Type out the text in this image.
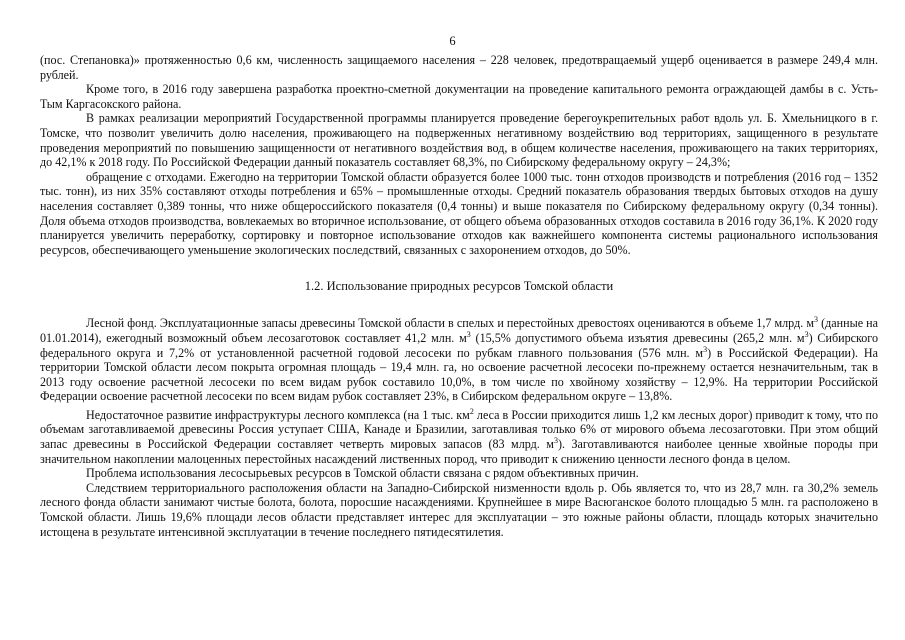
6

(пос. Степановка)» протяженностью 0,6 км, численность защищаемого населения – 228 человек, предотвращаемый ущерб оценивается в размере 249,4 млн. рублей.

Кроме того, в 2016 году завершена разработка проектно-сметной документации на проведение капитального ремонта ограждающей дамбы в с. Усть-Тым Каргасокского района.

В рамках реализации мероприятий Государственной программы планируется проведение берегоукрепительных работ вдоль ул. Б. Хмельницкого в г. Томске, что позволит увеличить долю населения, проживающего на подверженных негативному воздействию вод территориях, защищенного в результате проведения мероприятий по повышению защищенности от негативного воздействия вод, в общем количестве населения, проживающего на таких территориях, до 42,1% к 2018 году. По Российской Федерации данный показатель составляет 68,3%, по Сибирскому федеральному округу – 24,3%;

обращение с отходами. Ежегодно на территории Томской области образуется более 1000 тыс. тонн отходов производств и потребления (2016 год – 1352 тыс. тонн), из них 35% составляют отходы потребления и 65% – промышленные отходы. Средний показатель образования твердых бытовых отходов на душу населения составляет 0,389 тонны, что ниже общероссийского показателя (0,4 тонны) и выше показателя по Сибирскому федеральному округу (0,34 тонны). Доля объема отходов производства, вовлекаемых во вторичное использование, от общего объема образованных отходов составила в 2016 году 36,1%. К 2020 году планируется увеличить переработку, сортировку и повторное использование отходов как важнейшего компонента системы рационального использования ресурсов, обеспечивающего уменьшение экологических последствий, связанных с захоронением отходов, до 50%.

1.2. Использование природных ресурсов Томской области

Лесной фонд. Эксплуатационные запасы древесины Томской области в спелых и перестойных древостоях оцениваются в объеме 1,7 млрд. $м^3$ (данные на 01.01.2014), ежегодный возможный объем лесозаготовок составляет 41,2 млн. $м^3$ (15,5% допустимого объема изъятия древесины (265,2 млн. $м^3$) Сибирского федерального округа и 7,2% от установленной расчетной годовой лесосеки по рубкам главного пользования (576 млн. $м^3$) в Российской Федерации). На территории Томской области лесом покрыта огромная площадь – 19,4 млн. га, но освоение расчетной лесосеки по-прежнему остается незначительным, так в 2013 году освоение расчетной лесосеки по всем видам рубок составило 10,0%, в том числе по хвойному хозяйству – 12,9%. На территории Российской Федерации освоение расчетной лесосеки по всем видам рубок составляет 23%, в Сибирском федеральном округе – 13,8%.

Недостаточное развитие инфраструктуры лесного комплекса (на 1 тыс. $км^2$ леса в России приходится лишь 1,2 км лесных дорог) приводит к тому, что по объемам заготавливаемой древесины Россия уступает США, Канаде и Бразилии, заготавливая только 6% от мирового объема лесозаготовки. При этом общий запас древесины в Российской Федерации составляет четверть мировых запасов (83 млрд. $м^3$). Заготавливаются наиболее ценные хвойные породы при значительном накоплении малоценных перестойных насаждений лиственных пород, что приводит к снижению ценности лесного фонда в целом.

Проблема использования лесосырьевых ресурсов в Томской области связана с рядом объективных причин.

Следствием территориального расположения области на Западно-Сибирской низменности вдоль р. Обь является то, что из 28,7 млн. га 30,2% земель лесного фонда области занимают чистые болота, болота, поросшие насаждениями. Крупнейшее в мире Васюганское болото площадью 5 млн. га расположено в Томской области. Лишь 19,6% площади лесов области представляет интерес для эксплуатации – это южные районы области, площадь которых значительно истощена в результате интенсивной эксплуатации в течение последнего пятидесятилетия.
